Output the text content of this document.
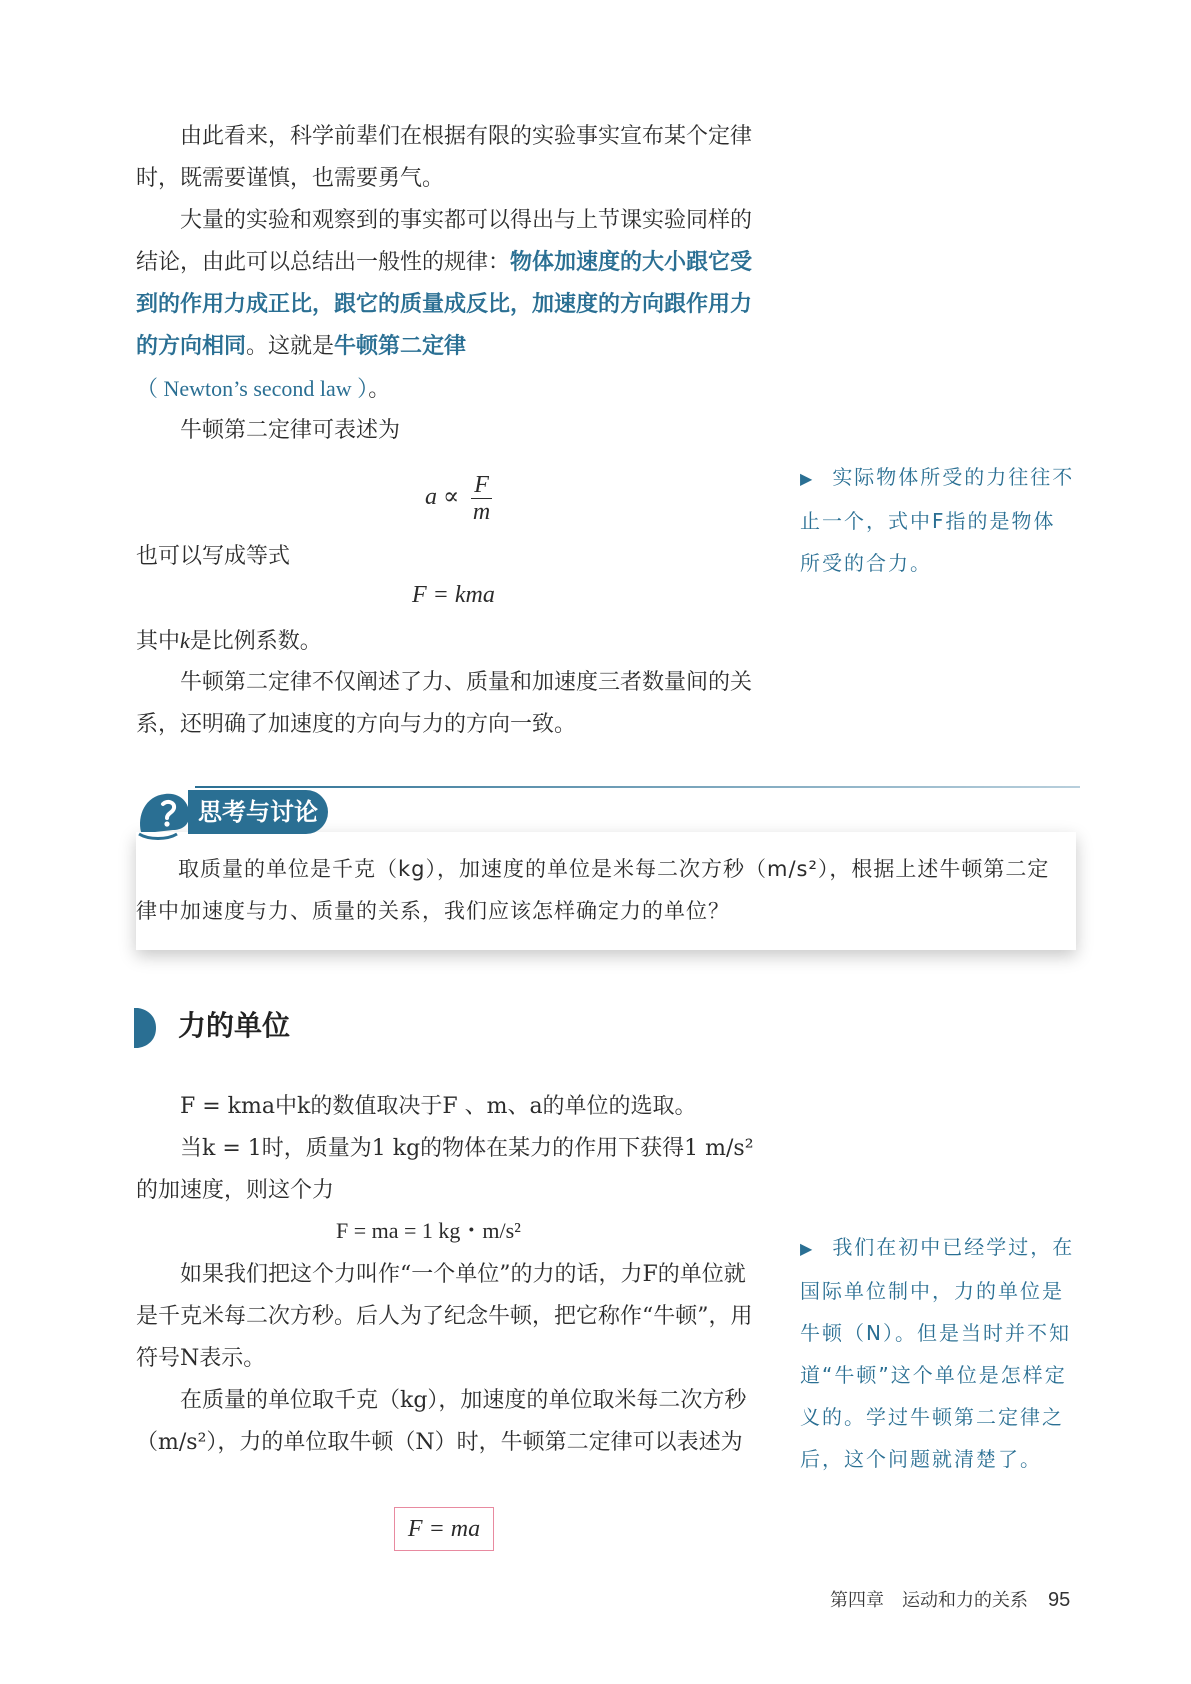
由此看来，科学前辈们在根据有限的实验事实宣布某个定律时，既需要谨慎，也需要勇气。

大量的实验和观察到的事实都可以得出与上节课实验同样的结论，由此可以总结出一般性的规律：物体加速度的大小跟它受到的作用力成正比，跟它的质量成反比，加速度的方向跟作用力的方向相同。这就是牛顿第二定律
（ Newton’s second law ）。

牛顿第二定律可表述为

$a \propto \frac{F}{m}$

也可以写成等式

F = kma

其中k是比例系数。

牛顿第二定律不仅阐述了力、质量和加速度三者数量间的关系，还明确了加速度的方向与力的方向一致。

▶ 实际物体所受的力往往不止一个，式中F指的是物体所受的合力。
思考与讨论

取质量的单位是千克（kg），加速度的单位是米每二次方秒（m/s²），根据上述牛顿第二定律中加速度与力、质量的关系，我们应该怎样确定力的单位？

力的单位

F = kma中k的数值取决于F 、m、a的单位的选取。

当k = 1时，质量为1 kg的物体在某力的作用下获得1 m/s²的加速度，则这个力

F = ma = 1 kg・m/s²

如果我们把这个力叫作“一个单位”的力的话，力F的单位就是千克米每二次方秒。后人为了纪念牛顿，把它称作“牛顿”，用符号N表示。

在质量的单位取千克（kg），加速度的单位取米每二次方秒（m/s²），力的单位取牛顿（N）时，牛顿第二定律可以表述为

F = ma
▶ 我们在初中已经学过，在国际单位制中，力的单位是牛顿（N）。但是当时并不知道“牛顿”这个单位是怎样定义的。学过牛顿第二定律之后，这个问题就清楚了。
第四章　运动和力的关系 95
